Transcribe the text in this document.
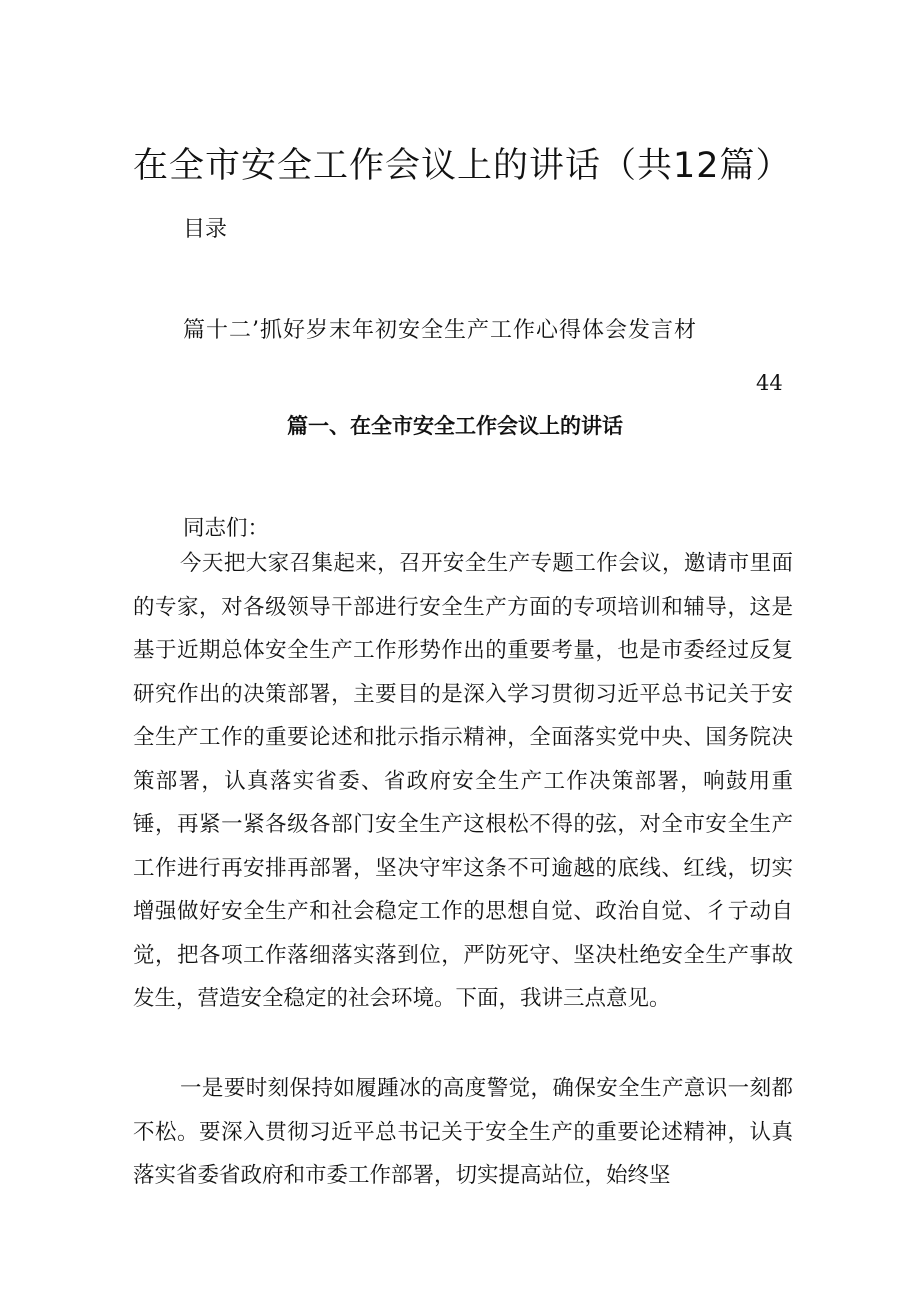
在全市安全工作会议上的讲话（共12篇）
目录
篇十二’抓好岁末年初安全生产工作心得体会发言材
44
篇一、在全市安全工作会议上的讲话
同志们：

今天把大家召集起来，召开安全生产专题工作会议，邀请市里面的专家，对各级领导干部进行安全生产方面的专项培训和辅导，这是基于近期总体安全生产工作形势作出的重要考量，也是市委经过反复研究作出的决策部署，主要目的是深入学习贯彻习近平总书记关于安全生产工作的重要论述和批示指示精神，全面落实党中央、国务院决策部署，认真落实省委、省政府安全生产工作决策部署，响鼓用重锤，再紧一紧各级各部门安全生产这根松不得的弦，对全市安全生产工作进行再安排再部署，坚决守牢这条不可逾越的底线、红线，切实增强做好安全生产和社会稳定工作的思想自觉、政治自觉、彳亍动自觉，把各项工作落细落实落到位，严防死守、坚决杜绝安全生产事故发生，营造安全稳定的社会环境。下面，我讲三点意见。

一是要时刻保持如履踵冰的高度警觉，确保安全生产意识一刻都不松。要深入贯彻习近平总书记关于安全生产的重要论述精神，认真落实省委省政府和市委工作部署，切实提高站位，始终坚
